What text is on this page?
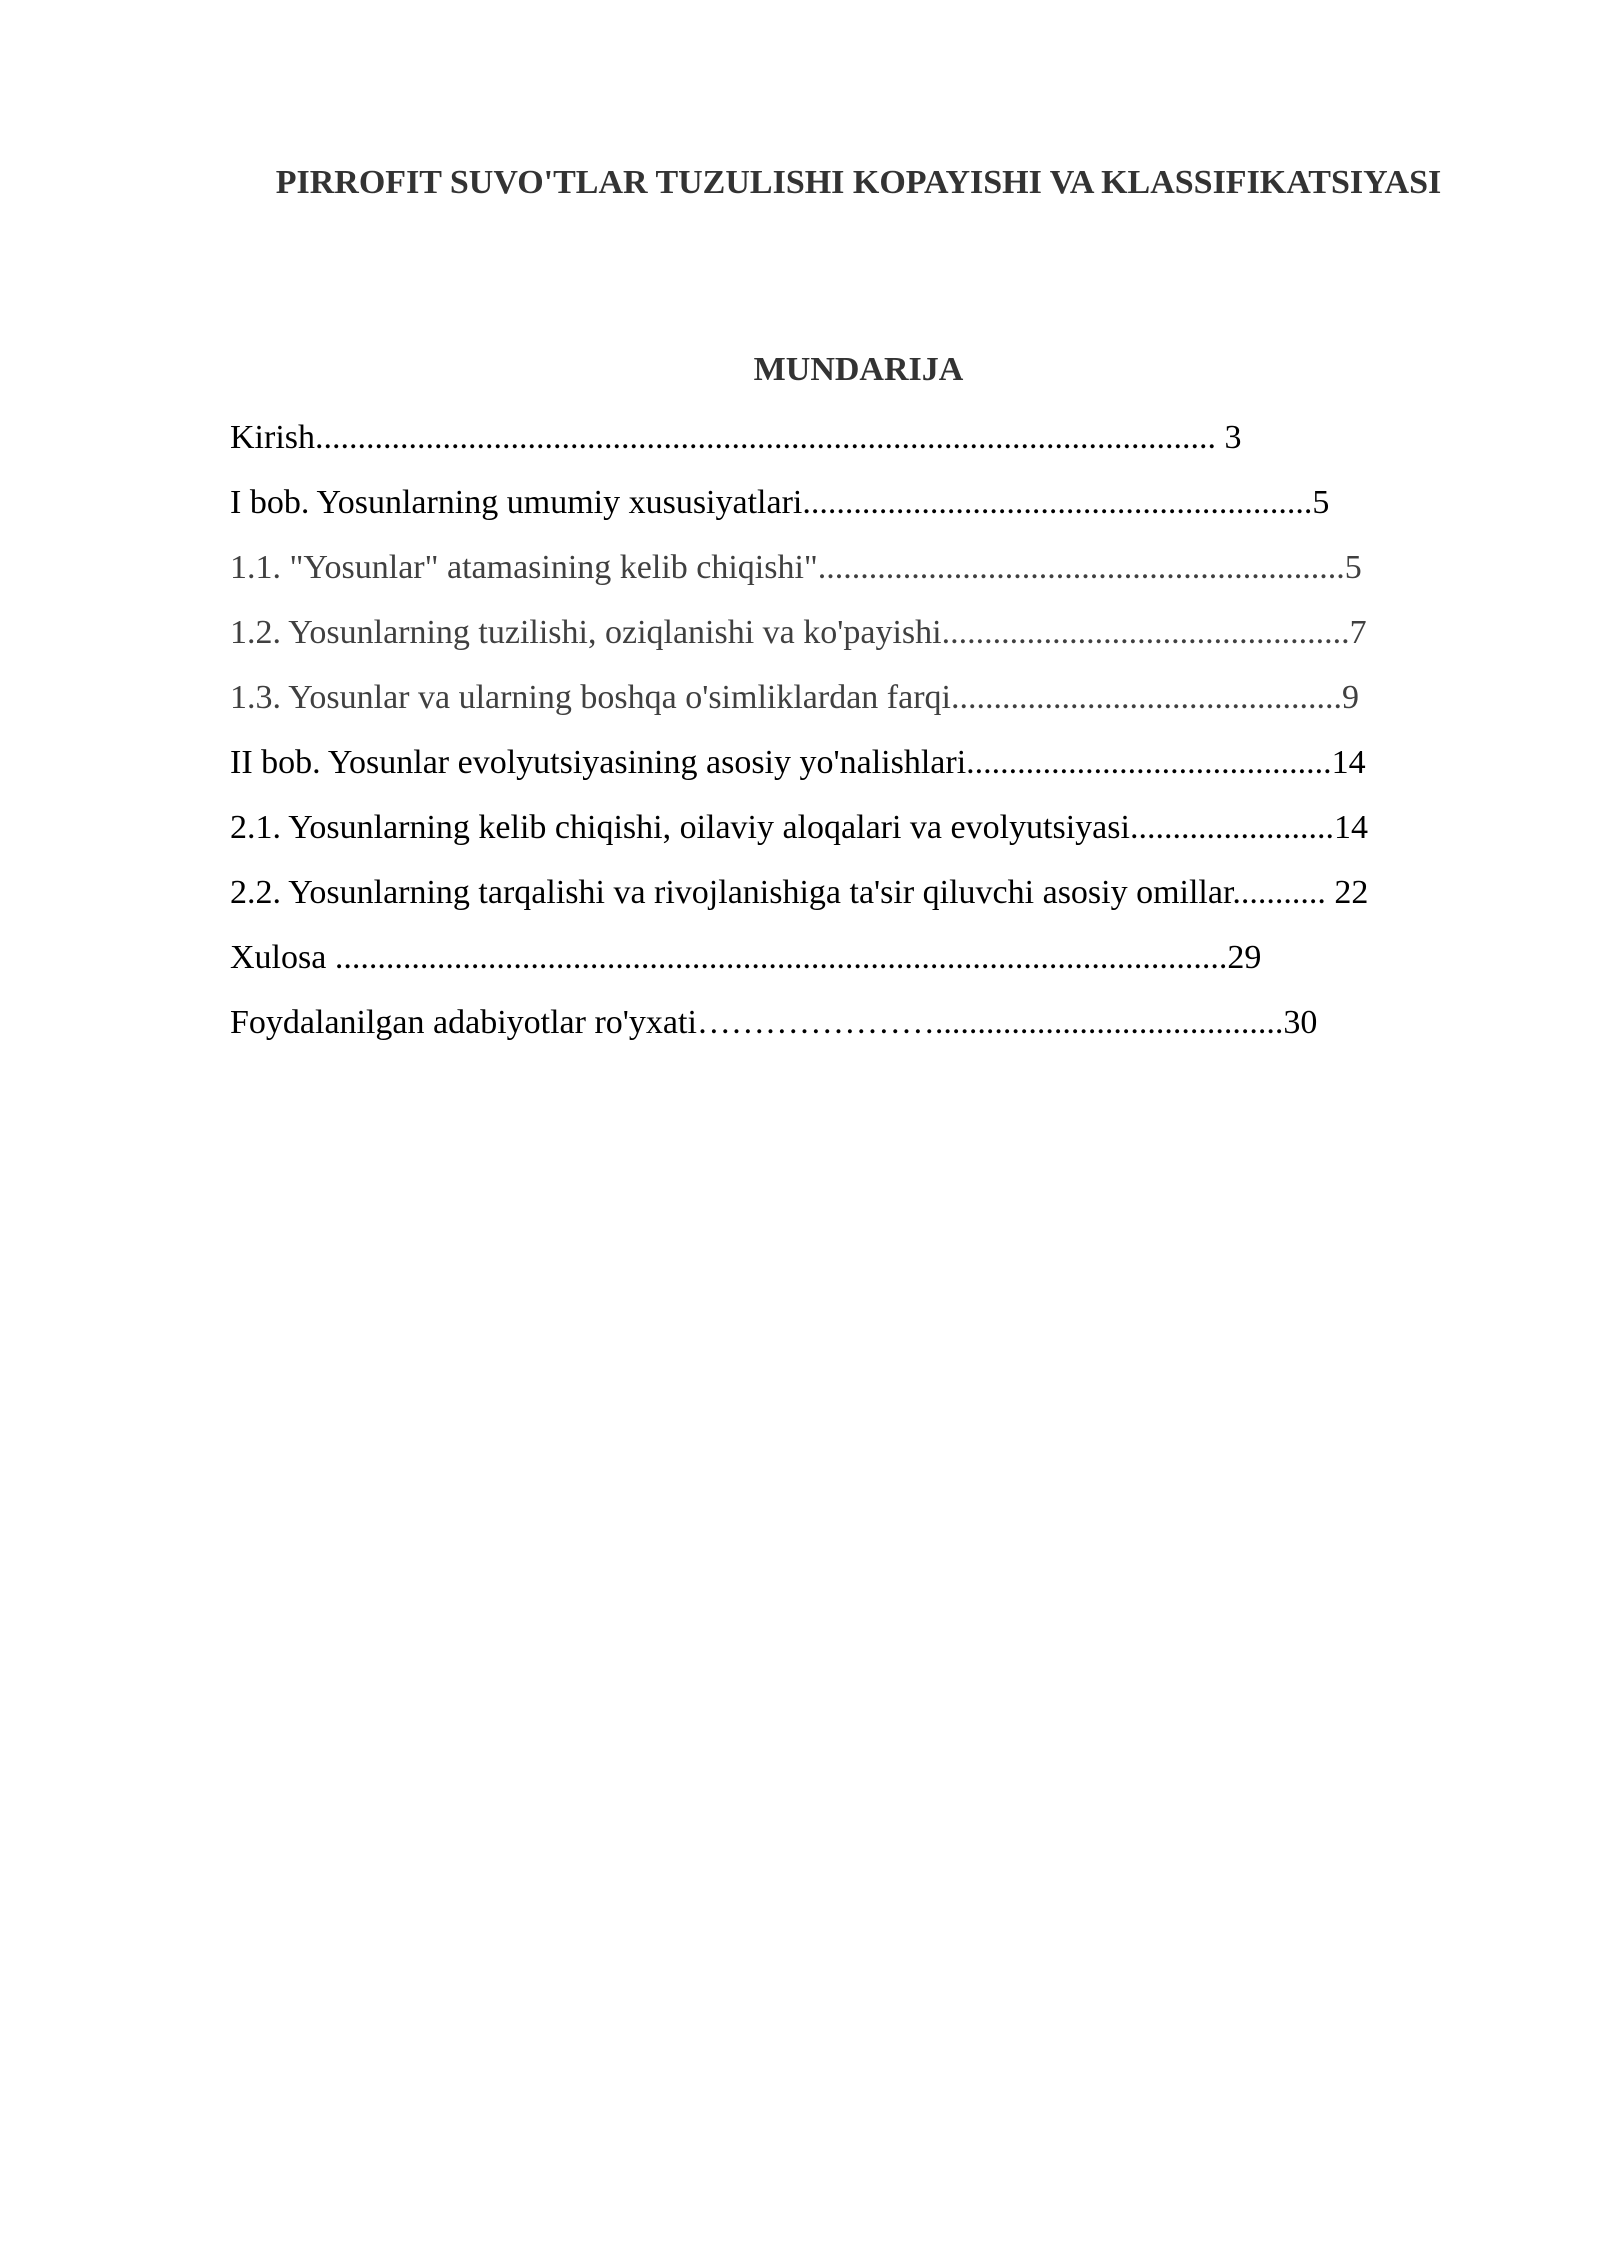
PIRROFIT SUVO'TLAR TUZULISHI KOPAYISHI VA KLASSIFIKATSIYASI
MUNDARIJA
Kirish.......................................................................................................... 3
I bob. Yosunlarning umumiy xususiyatlari............................................................5
1.1. "Yosunlar" atamasining kelib chiqishi"..............................................................5
1.2. Yosunlarning tuzilishi, oziqlanishi va ko'payishi................................................7
1.3. Yosunlar va ularning boshqa o'simliklardan farqi..............................................9
II bob. Yosunlar evolyutsiyasining asosiy yo'nalishlari...........................................14
2.1. Yosunlarning kelib chiqishi, oilaviy aloqalari va evolyutsiyasi........................14
2.2. Yosunlarning tarqalishi va rivojlanishiga ta'sir qiluvchi asosiy omillar........... 22
Xulosa .........................................................................................................29
Foydalanilgan adabiyotlar ro'yxati………………….........................................30
